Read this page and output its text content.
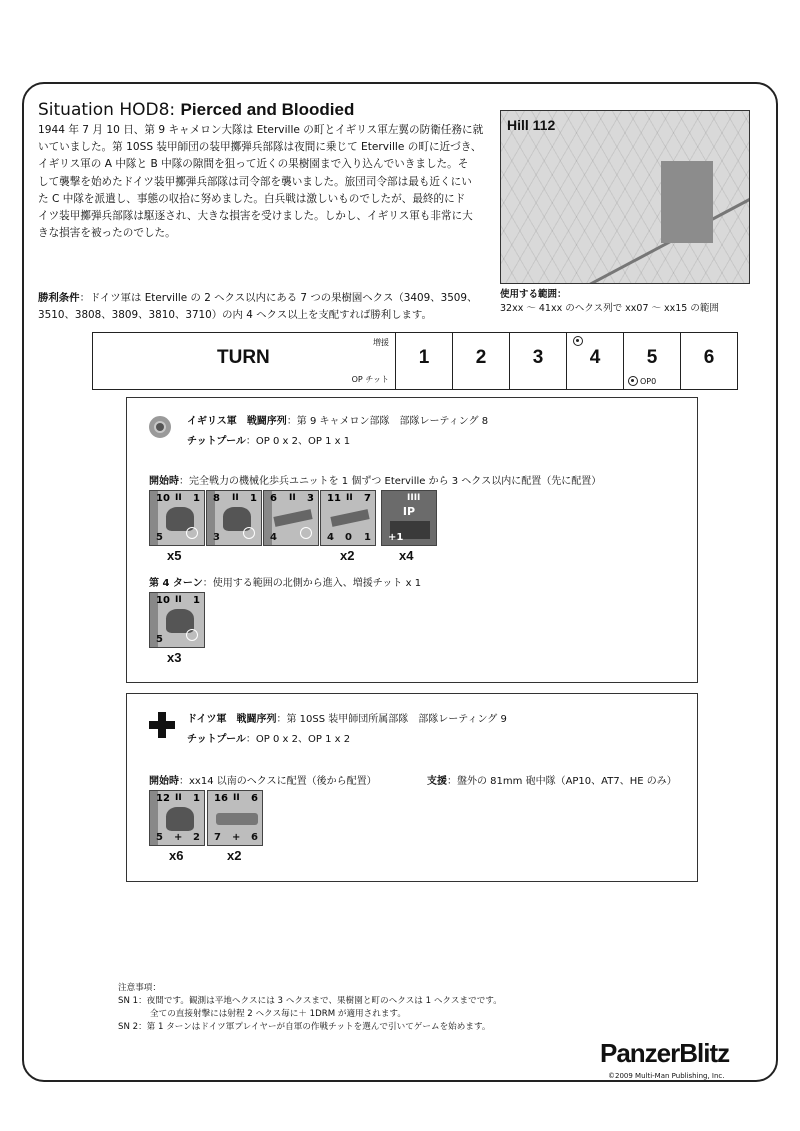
Situation HOD8: Pierced and Bloodied
1944 年 7 月 10 日、第 9 キャメロン大隊は Eterville の町とイギリス軍左翼の防衛任務に就
いていました。第 10SS 装甲師団の装甲擲弾兵部隊は夜間に乗じて Eterville の町に近づき、
イギリス軍の A 中隊と B 中隊の隙間を狙って近くの果樹園まで入り込んでいきました。そ
して襲撃を始めたドイツ装甲擲弾兵部隊は司令部を襲いました。旅団司令部は最も近くにい
た C 中隊を派遣し、事態の収拾に努めました。白兵戦は激しいものでしたが、最終的にド
イツ装甲擲弾兵部隊は駆逐され、大きな損害を受けました。しかし、イギリス軍も非常に大
きな損害を被ったのでした。
Hill 112
使用する範囲：
32xx ～ 41xx のヘクス列で xx07 ～ xx15 の範囲
勝利条件：ドイツ軍は Eterville の 2 ヘクス以内にある 7 つの果樹園ヘクス（3409、3509、
3510、3808、3809、3810、3710）の内 4 ヘクス以上を支配すれば勝利します。
増援
TURN
OP チット
1	2	3	4	5
OP0
6
イギリス軍　 戦闘序列：第 9 キャメロン部隊　部隊レーティング 8
チットプール：OP 0 x 2、OP 1 x 1
開始時：完全戦力の機械化歩兵ユニットを 1 個ずつ Eterville から 3 ヘクス以内に配置（先に配置）
10 II 1
5
8 II 1
3
6 II 3
4
11 II 7
4 0 1
IIII
IP
+1
x5	x2	x4
第 4 ターン：使用する範囲の北側から進入、増援チット x 1
10 II 1
5
x3
ドイツ軍　 戦闘序列：第 10SS 装甲師団所属部隊　部隊レーティング 9
チットプール：OP 0 x 2、OP 1 x 2
開始時：xx14 以南のヘクスに配置（後から配置）	支援：盤外の 81mm 砲中隊（AP10、AT7、HE のみ）
12 II 1
5 + 2
16 II 6
7 + 6
x6	x2
注意事項：
SN 1：夜間です。観測は平地ヘクスには 3 ヘクスまで、果樹園と町のヘクスは 1 ヘクスまでです。
全ての直接射撃には射程 2 ヘクス毎に＋ 1DRM が適用されます。
SN 2：第 1 ターンはドイツ軍プレイヤーが自軍の作戦チットを選んで引いてゲームを始めます。
PanzerBlitz
©2009 Multi-Man Publishing, Inc.
